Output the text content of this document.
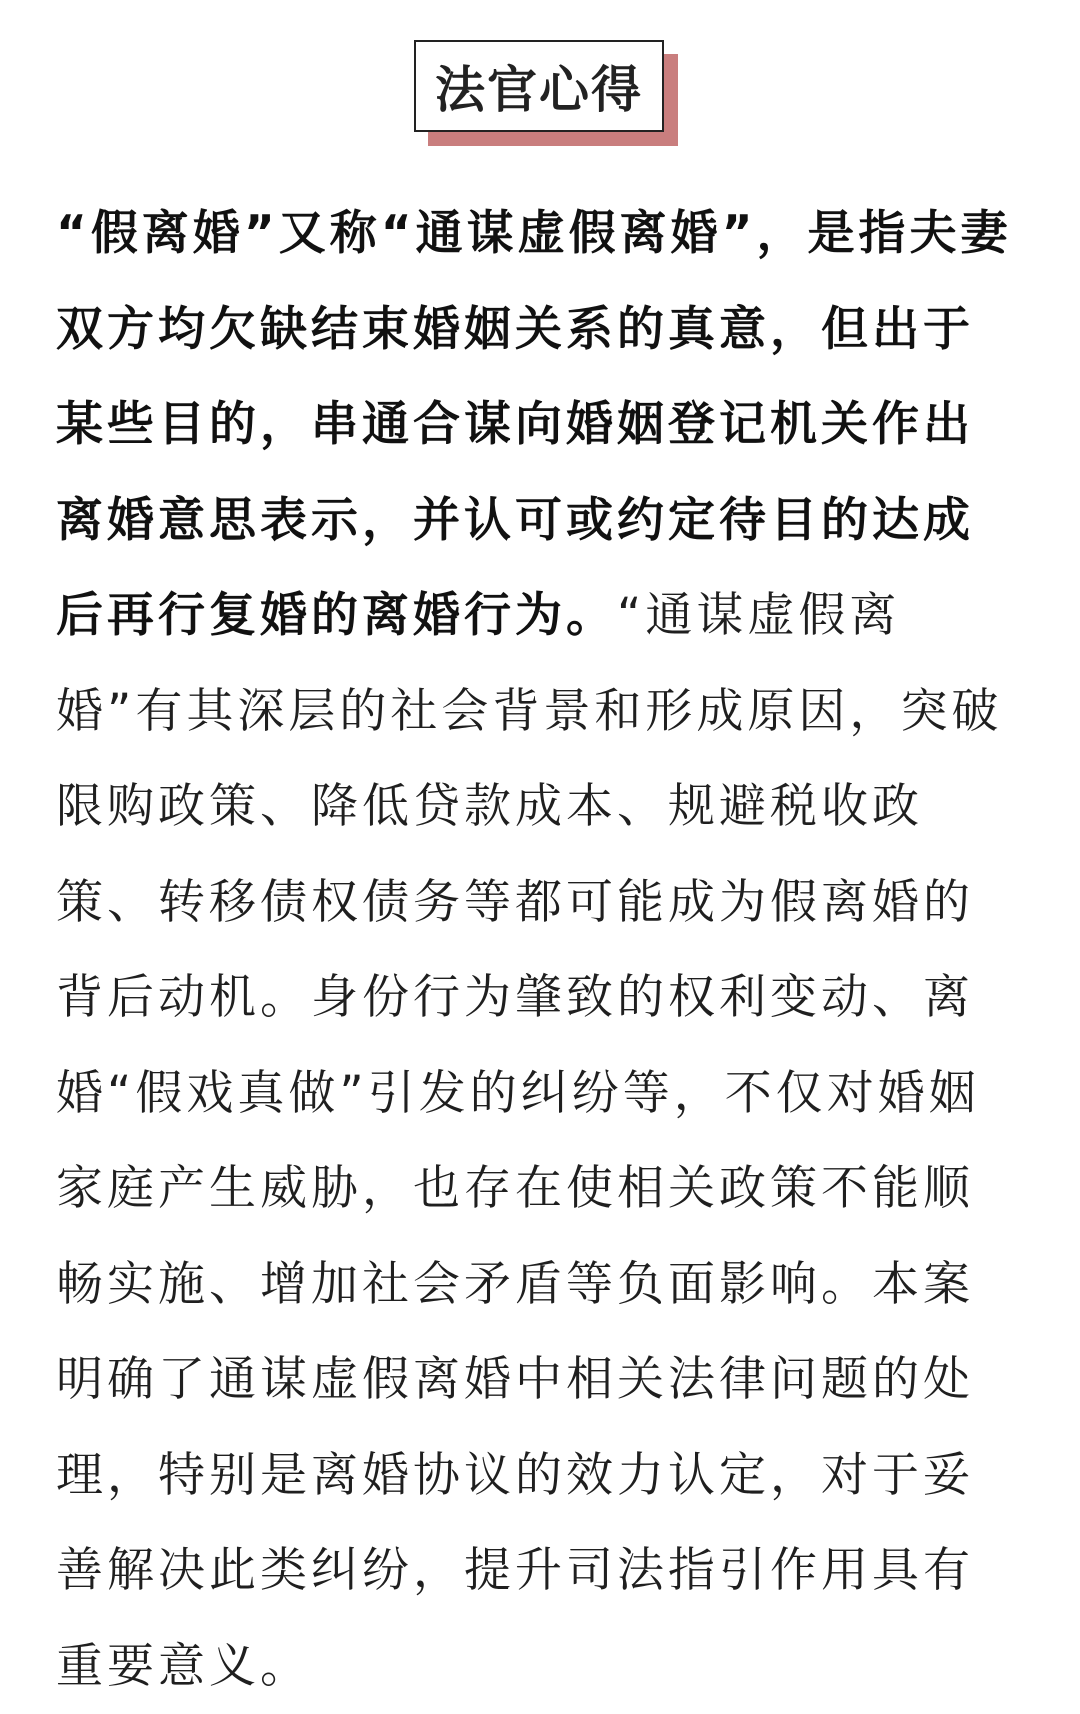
法官心得

“假离婚”又称“通谋虚假离婚”，是指夫妻双方均欠缺结束婚姻关系的真意，但出于某些目的，串通合谋向婚姻登记机关作出离婚意思表示，并认可或约定待目的达成后再行复婚的离婚行为。“通谋虚假离婚”有其深层的社会背景和形成原因，突破限购政策、降低贷款成本、规避税收政策、转移债权债务等都可能成为假离婚的背后动机。身份行为肇致的权利变动、离婚“假戏真做”引发的纠纷等，不仅对婚姻家庭产生威胁，也存在使相关政策不能顺畅实施、增加社会矛盾等负面影响。本案明确了通谋虚假离婚中相关法律问题的处理，特别是离婚协议的效力认定，对于妥善解决此类纠纷，提升司法指引作用具有重要意义。
